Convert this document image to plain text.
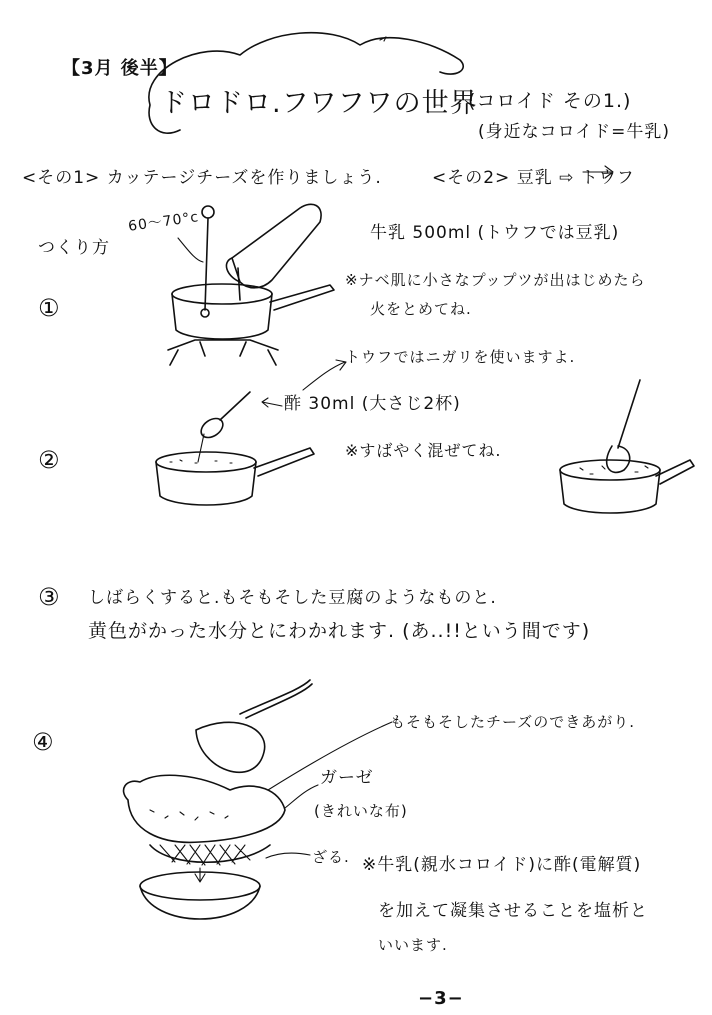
【3月 後半】
ドロドロ.フワフワの世界
(コロイド その1.)
(身近なコロイド=牛乳)
<その1> カッテージチーズを作りましょう.	<その2> 豆乳 ⇨ トウフ
つくり方
60〜70°c
①
牛乳 500ml (トウフでは豆乳)
※ナベ肌に小さなプップツが出はじめたら
火をとめてね.
②
トウフではニガリを使いますよ.
酢 30ml (大さじ2杯)
※すばやく混ぜてね.
③ しばらくすると.もそもそした豆腐のようなものと.
黄色がかった水分とにわかれます. (あ..!!という間です)
④
もそもそしたチーズのできあがり.
ガーゼ
(きれいな布)
ざる. ※牛乳(親水コロイド)に酢(電解質)
を加えて凝集させることを塩析と
いいます.
−3−
